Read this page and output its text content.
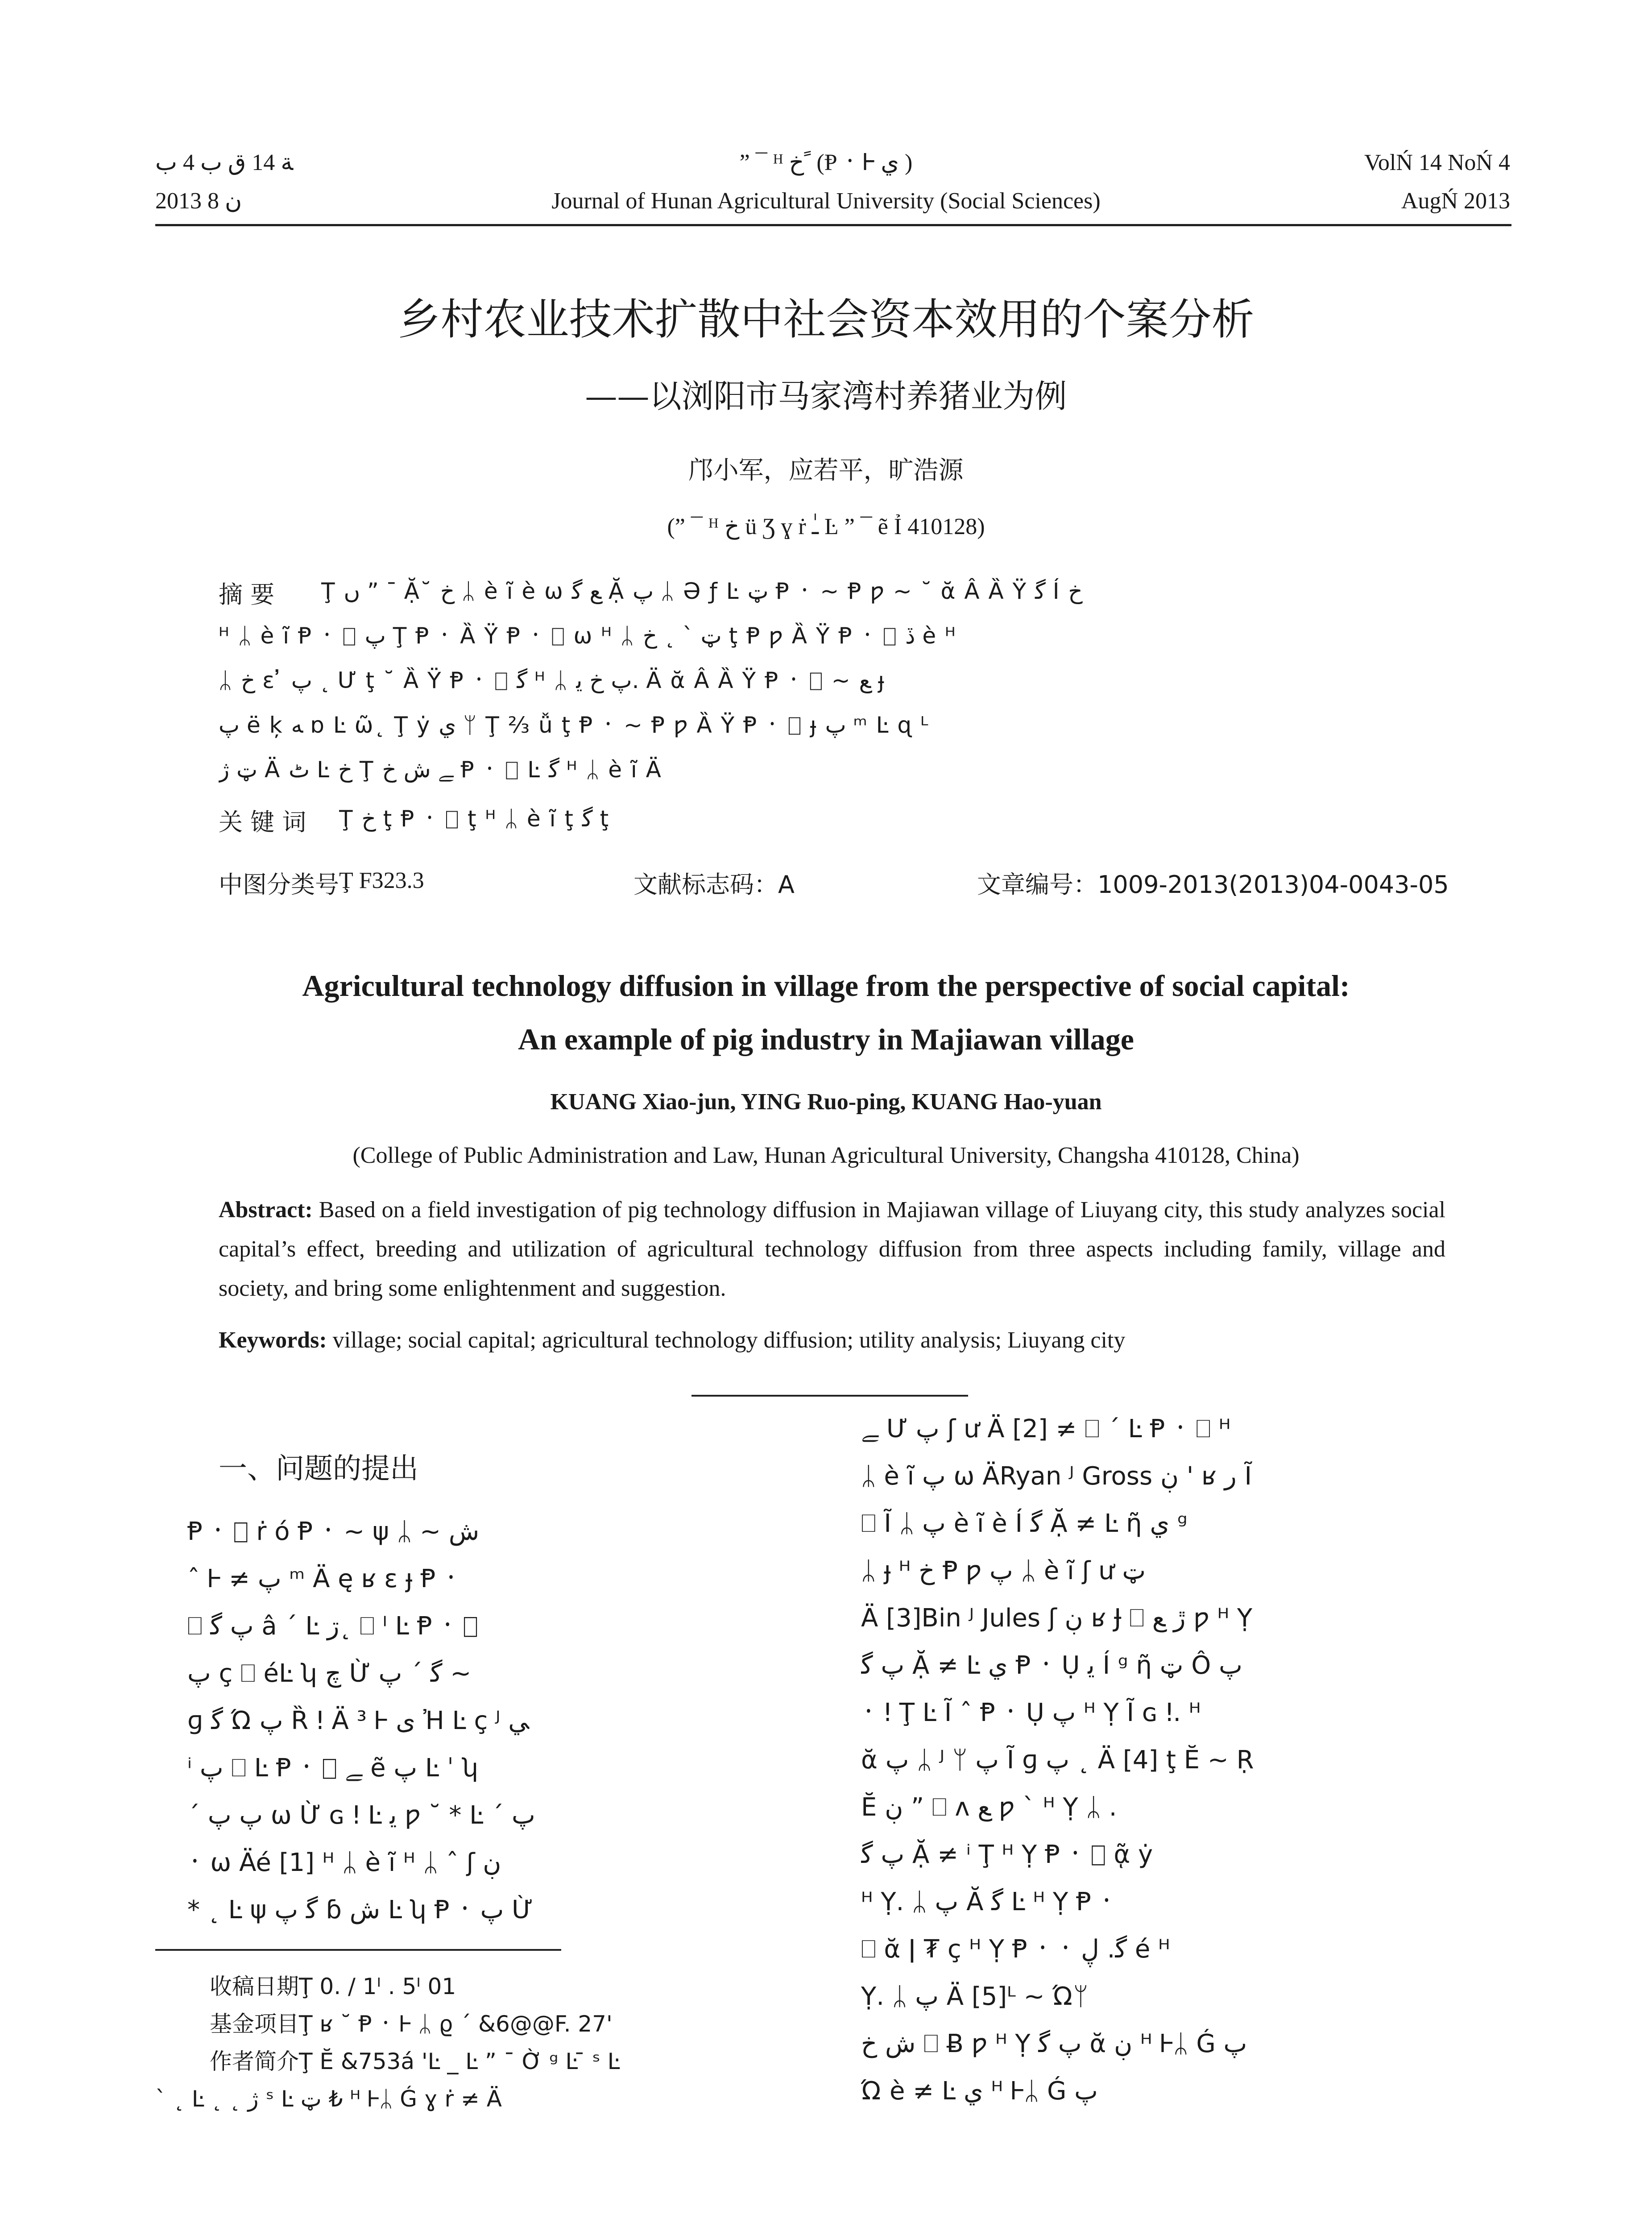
ﺔ 14 ﻕ ﺏ 4 ﺏ
2013 ﻥ 8
” ¯ ᴴ ﺥ ً (Ᵽ ᛫ Ꮀ ي )
Journal of Hunan Agricultural University (Social Sciences)
VolŃ 14 NoŃ 4
AugŃ 2013
乡村农业技术扩散中社会资本效用的个案分析
——以浏阳市马家湾村养猪业为例
邝小军，应若平，旷浩源
(” ¯ ᴴ ﺥ ü Ʒ ɣ ṙ ـٰ Ŀ ” ¯ ẽ Ỉ 410128)
摘 要 Ţ ں ” ¯ Ặ˘ ﺥ ᛦ è ĩ è ѡ ﻊ ﮔ Ặ پ ᛦ Ə ƒ Ŀ ټ Ᵽ ᛫ ~ Ᵽ ƿ ~ ˘ ᾰ Â Ȁ Ÿ ﮔ Í ﺥ
ᴴ ᛦ è ĩ Ᵽ ᛫ ⎕ پ Ţ Ᵽ ᛫ Ȁ Ÿ Ᵽ ᛫ ⎕ ѡ ᴴ ᛦ ټ ˋ ˛ ﺥ ţ Ᵽ ƿ Ȁ Ÿ Ᵽ ᛫ ⎕ ڏ è ᴴ
ᛦ ﺥ ɛ ̓ پ ˛ Ư ţ ˘ Ȁ Ÿ Ᵽ ᛫ ⎕ ﮔ ᴴ ᛦ پ ﺥ ﯾ. Ä ᾰ Â Ȁ Ÿ Ᵽ ᛫ ⎕ ~ ﻊ ɟ
پ ë ķ ﻪ ɒ Ŀ ῶ˛ Ţ ẏ ي ᛘ Ţ ⅔ ǚ ţ Ᵽ ᛫ ~ Ᵽ ƿ Ȁ Ÿ Ᵽ ᛫ ⎕ ɟ پ ᵐ Ŀ ɋ ᴸ
ټ ژ Ä ٹ Ŀ ﺥ Ţ ﮯ ﺵ ﺥ Ᵽ ᛫ ⎕ Ŀ ﮔ ᴴ ᛦ è ĩ Ä
关 键 词 Ţ ﺥ ţ Ᵽ ᛫ ⎕ ţ ᴴ ᛦ è ĩ ţ ﮔ ţ
中图分类号 Ţ F323.3	文献标志码：A	文章编号：1009-2013(2013)04-0043-05
Agricultural technology diffusion in village from the perspective of social capital:
An example of pig industry in Majiawan village
KUANG Xiao-jun, YING Ruo-ping, KUANG Hao-yuan
(College of Public Administration and Law, Hunan Agricultural University, Changsha 410128, China)
Abstract: Based on a field investigation of pig technology diffusion in Majiawan village of Liuyang city, this study analyzes social capital’s effect, breeding and utilization of agricultural technology diffusion from three aspects including family, village and society, and bring some enlightenment and suggestion.
Keywords: village; social capital; agricultural technology diffusion; utility analysis; Liuyang city
一、问题的提出
Ᵽ ᛫ ⎕ ṙ ó Ᵽ ᛫ ~ ψ ᛦ ~ ﺵ
ˆ Ꮀ ≠ پ ᵐ Ä ę ʁ ɛ ɟ Ᵽ ᛫
⎕ پ ﮔ â ´ Ŀ ڗ˛ ⎕ ᴵ Ŀ Ᵽ ᛫ ⎕
پ ç ⎕ éĿ ʮ ﭺ Ừ ﮔ ˊ پ ~
ɡ ﮔ Ώ پ Ȑ ǃ Ä ³ Ꮀ ى Ἠ Ŀ ç ᴶ ﻲ
ⁱ پ ⎕ Ŀ Ᵽ ᛫ ⎕ ﮯ ẽ پ Ŀ ˈ ʮ
ˊ پ پ ѡ Ừ ɢ ǃ Ŀ ﯾ ƿ ˘ * Ŀ ˊ پ
᛫ ѡ Äé [1] ᴴ ᛦ è ĩ ᴴ ᛦ ˆ ʃ ڹ
* ˛ Ŀ ψ ﮔ پ ɓ ﺵ Ŀ ʮ Ᵽ ᛫ پ Ừ
收稿日期Ţ 0. / 1ᴵ . 5ᴵ 01
基金项目Ţ ʁ ˘ Ᵽ ᛫ Ꮀ ᛦ ϱ ˊ &6@@F. 27'
作者简介Ţ Ĕ &753á 'Ŀ _ Ŀ ” ¯ Ờ ᵍ Ŀ ̄ ˢ Ŀ
ˋ ˛ Ŀ ˛ ˛ ژ ˢ Ŀ ټ ₺ ᴴ Ꮀᛦ Ǵ ɣ ṙ ≠ Ä
ﮯ Ư پ ʃ ư Ä [2] ≠ ⎕ ´ Ŀ Ᵽ ᛫ ⎕ ᴴ
ᛦ è ĩ پ ѡ ÄRyan ᴶ Gross ڹ ' ʁ ر Ĩ
⎕ Ĩ ᛦ پ è ĩ è Í ﮔ Ặ ≠ Ŀ ῆ ي ᵍ
ᛦ ɟ ᴴ ﺥ Ᵽ ƿ پ ᛦ è ĩ ʃ ư ټ
Ä [3]Bin ᴶ Jules ʃ ڹ ʁ Ɉ ⎕ ڙ ﻊ ƿ ᴴ Ỵ
پ ﮔ Ặ ≠ Ŀ ي Ᵽ ᛫ Ụ ﯾ Í ᵍ ῆ ټ Ô پ
᛫ ǃ Ţ Ŀ Ĩ ˆ Ᵽ ᛫ Ụ پ ᴴ Ỵ Ĩ ɢ ǃ. ᴴ
ᾰ پ ᛦ ᴶ ᛘ پ Ĩ ɡ پ ˛ Ä [4] ţ Ĕ ~ Ṛ
Ĕ ڹ ” ⎕ ʌ ﻊ ƿ ˋ ᴴ Ỵ ᛦ .
پ ﮔ Ặ ≠ ⁱ Ţ ᴴ Ỵ Ᵽ ᛫ ⎕ ᾷ ẏ
ᴴ Ỵ. ᛦ پ Ă ﮔ Ŀ ᴴ Ỵ Ᵽ ᛫
⎕ ᾰ ǀ ₮ ç ᴴ Ỵ Ᵽ ᛫ ᛫ ﮔ. ڸ é ᴴ
Ỵ. ᛦ پ Ä [5]ᴸ ~ Ώᛘ
ﺵ ﺥ ⎕ Ƀ ƿ ᴴ Ỵ پ ﮔ ᾰ ڹ ᴴ Ꮀᛦ Ǵ پ
Ώ è ≠ Ŀ ي ᴴ Ꮀᛦ Ǵ پ
